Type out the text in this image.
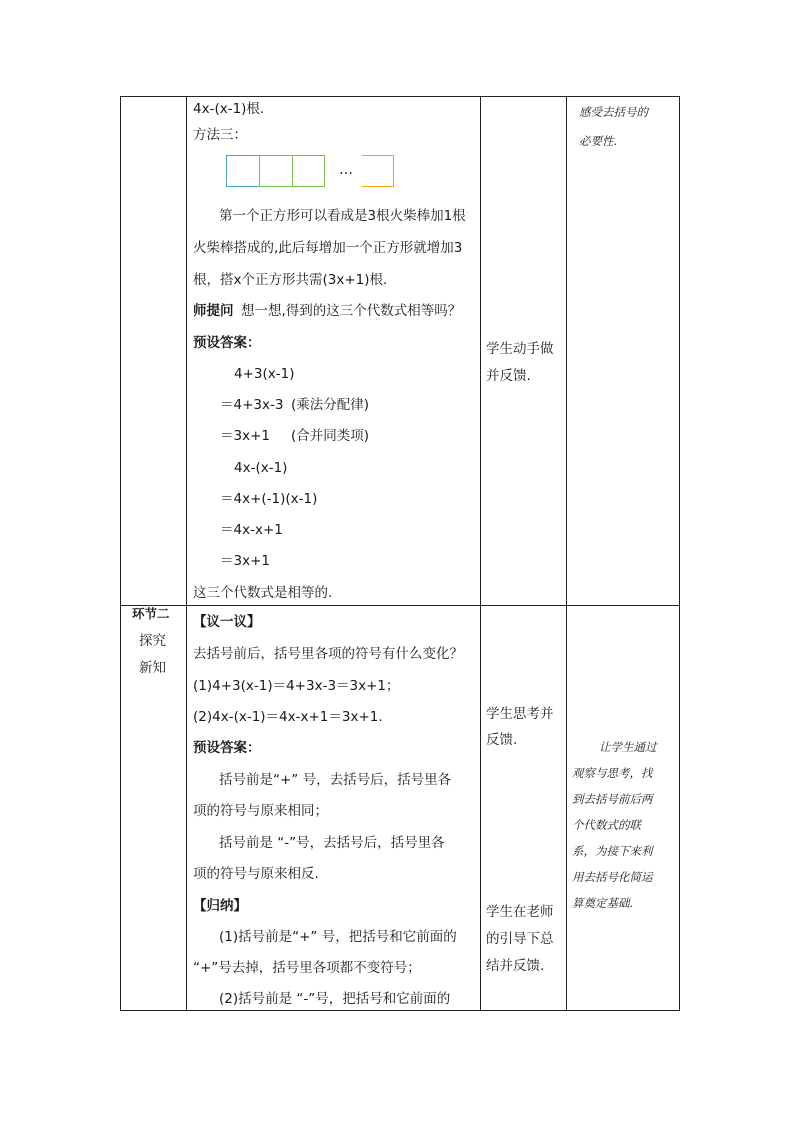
4x-(x-1)根.
方法三：
…
第一个正方形可以看成是3根火柴棒加1根
火柴棒搭成的,此后每增加一个正方形就增加3
根，搭x个正方形共需(3x+1)根.
师提问 想一想,得到的这三个代数式相等吗？
预设答案：
4+3(x-1)
＝4+3x-3 (乘法分配律)
＝3x+1 (合并同类项)
4x-(x-1)
＝4x+(-1)(x-1)
＝4x-x+1
＝3x+1
这三个代数式是相等的.
学生动手做
并反馈.
感受去括号的
必要性.
环节二
探究
新知
【议一议】
去括号前后，括号里各项的符号有什么变化？
(1)4+3(x-1)＝4+3x-3＝3x+1；
(2)4x-(x-1)＝4x-x+1＝3x+1.
预设答案：
括号前是“+” 号，去括号后，括号里各
项的符号与原来相同；
括号前是 “-”号，去括号后，括号里各
项的符号与原来相反.
【归纳】
(1)括号前是“+” 号，把括号和它前面的
“+”号去掉，括号里各项都不变符号；
(2)括号前是 “-”号，把括号和它前面的
学生思考并
反馈.
学生在老师
的引导下总
结并反馈.
让学生通过
观察与思考，找
到去括号前后两
个代数式的联
系，为接下来利
用去括号化简运
算奠定基础.
